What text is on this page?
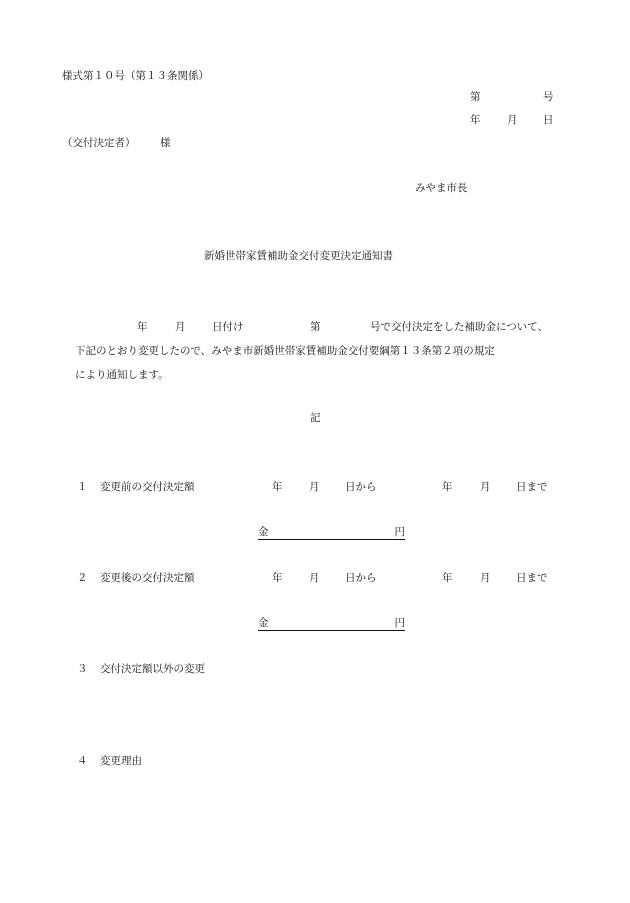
様式第１０号（第１３条関係）
第	号
年	月 日
（交付決定者） 様
みやま市長
新婚世帯家賃補助金交付変更決定通知書
年	月	日付け	第	号で交付決定をした補助金について、
下記のとおり変更したので、みやま市新婚世帯家賃補助金交付要綱第１３条第２項の規定
により通知します。
記
１ 変更前の交付決定額	年	月 日から	年	月 日まで
金	円
２ 変更後の交付決定額	年	月 日から	年	月 日まで
金	円
３ 交付決定額以外の変更
４ 変更理由
